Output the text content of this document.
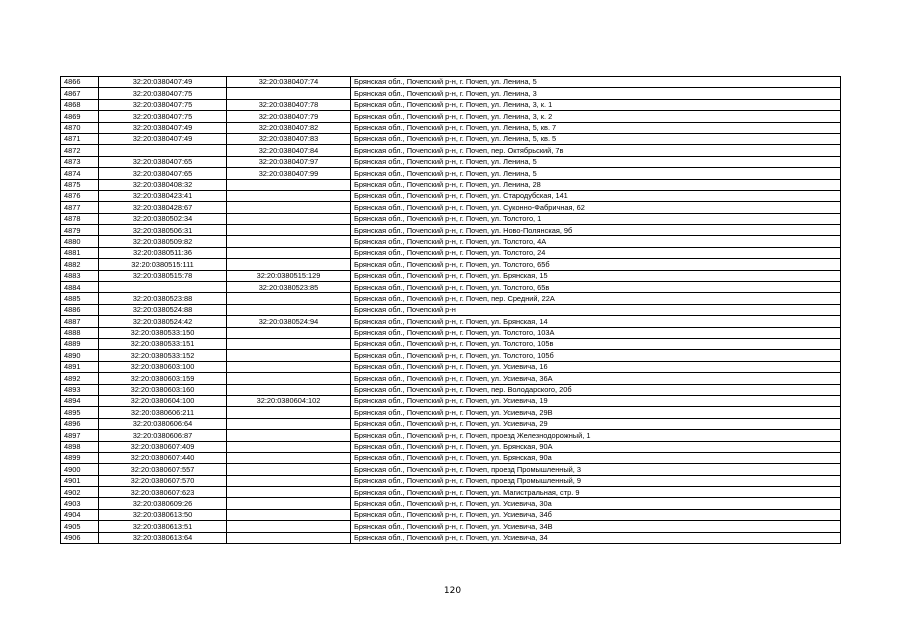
4866	32:20:0380407:49	32:20:0380407:74	Брянская обл., Почепский р-н, г. Почеп, ул. Ленина, 5
4867	32:20:0380407:75		Брянская обл., Почепский р-н, г. Почеп, ул. Ленина, 3
4868	32:20:0380407:75	32:20:0380407:78	Брянская обл., Почепский р-н, г. Почеп, ул. Ленина, 3, к. 1
4869	32:20:0380407:75	32:20:0380407:79	Брянская обл., Почепский р-н, г. Почеп, ул. Ленина, 3, к. 2
4870	32:20:0380407:49	32:20:0380407:82	Брянская обл., Почепский р-н, г. Почеп, ул. Ленина, 5, кв. 7
4871	32:20:0380407:49	32:20:0380407:83	Брянская обл., Почепский р-н, г. Почеп, ул. Ленина, 5, кв. 5
4872		32:20:0380407:84	Брянская обл., Почепский р-н, г. Почеп, пер. Октябрьский, 7в
4873	32:20:0380407:65	32:20:0380407:97	Брянская обл., Почепский р-н, г. Почеп, ул. Ленина, 5
4874	32:20:0380407:65	32:20:0380407:99	Брянская обл., Почепский р-н, г. Почеп, ул. Ленина, 5
4875	32:20:0380408:32		Брянская обл., Почепский р-н, г. Почеп, ул. Ленина, 28
4876	32:20:0380423:41		Брянская обл., Почепский р-н, г. Почеп, ул. Стародубская, 141
4877	32:20:0380428:67		Брянская обл., Почепский р-н, г. Почеп, ул. Суконно-Фабричная, 62
4878	32:20:0380502:34		Брянская обл., Почепский р-н, г. Почеп, ул. Толстого, 1
4879	32:20:0380506:31		Брянская обл., Почепский р-н, г. Почеп, ул. Ново-Полянская, 9б
4880	32:20:0380509:82		Брянская обл., Почепский р-н, г. Почеп, ул. Толстого, 4А
4881	32:20:0380511:36		Брянская обл., Почепский р-н, г. Почеп, ул. Толстого, 24
4882	32:20:0380515:111		Брянская обл., Почепский р-н, г. Почеп, ул. Толстого, 65б
4883	32:20:0380515:78	32:20:0380515:129	Брянская обл., Почепский р-н, г. Почеп, ул. Брянская, 15
4884		32:20:0380523:85	Брянская обл., Почепский р-н, г. Почеп, ул. Толстого, 65в
4885	32:20:0380523:88		Брянская обл., Почепский р-н, г. Почеп, пер. Средний, 22А
4886	32:20:0380524:88		Брянская обл., Почепский р-н
4887	32:20:0380524:42	32:20:0380524:94	Брянская обл., Почепский р-н, г. Почеп, ул. Брянская, 14
4888	32:20:0380533:150		Брянская обл., Почепский р-н, г. Почеп, ул. Толстого, 103А
4889	32:20:0380533:151		Брянская обл., Почепский р-н, г. Почеп, ул. Толстого, 105в
4890	32:20:0380533:152		Брянская обл., Почепский р-н, г. Почеп, ул. Толстого, 105б
4891	32:20:0380603:100		Брянская обл., Почепский р-н, г. Почеп, ул. Усиевича, 16
4892	32:20:0380603:159		Брянская обл., Почепский р-н, г. Почеп, ул. Усиевича, 36А
4893	32:20:0380603:160		Брянская обл., Почепский р-н, г. Почеп, пер. Володарского, 20б
4894	32:20:0380604:100	32:20:0380604:102	Брянская обл., Почепский р-н, г. Почеп, ул. Усиевича, 19
4895	32:20:0380606:211		Брянская обл., Почепский р-н, г. Почеп, ул. Усиевича, 29В
4896	32:20:0380606:64		Брянская обл., Почепский р-н, г. Почеп, ул. Усиевича, 29
4897	32:20:0380606:87		Брянская обл., Почепский р-н, г. Почеп, проезд Железнодорожный, 1
4898	32:20:0380607:409		Брянская обл., Почепский р-н, г. Почеп, ул. Брянская, 90А
4899	32:20:0380607:440		Брянская обл., Почепский р-н, г. Почеп, ул. Брянская, 90а
4900	32:20:0380607:557		Брянская обл., Почепский р-н, г. Почеп, проезд Промышленный, 3
4901	32:20:0380607:570		Брянская обл., Почепский р-н, г. Почеп, проезд Промышленный, 9
4902	32:20:0380607:623		Брянская обл., Почепский р-н, г. Почеп, ул. Магистральная, стр. 9
4903	32:20:0380609:26		Брянская обл., Почепский р-н, г. Почеп, ул. Усиевича, 30а
4904	32:20:0380613:50		Брянская обл., Почепский р-н, г. Почеп, ул. Усиевича, 34б
4905	32:20:0380613:51		Брянская обл., Почепский р-н, г. Почеп, ул. Усиевича, 34В
4906	32:20:0380613:64		Брянская обл., Почепский р-н, г. Почеп, ул. Усиевича, 34
120
